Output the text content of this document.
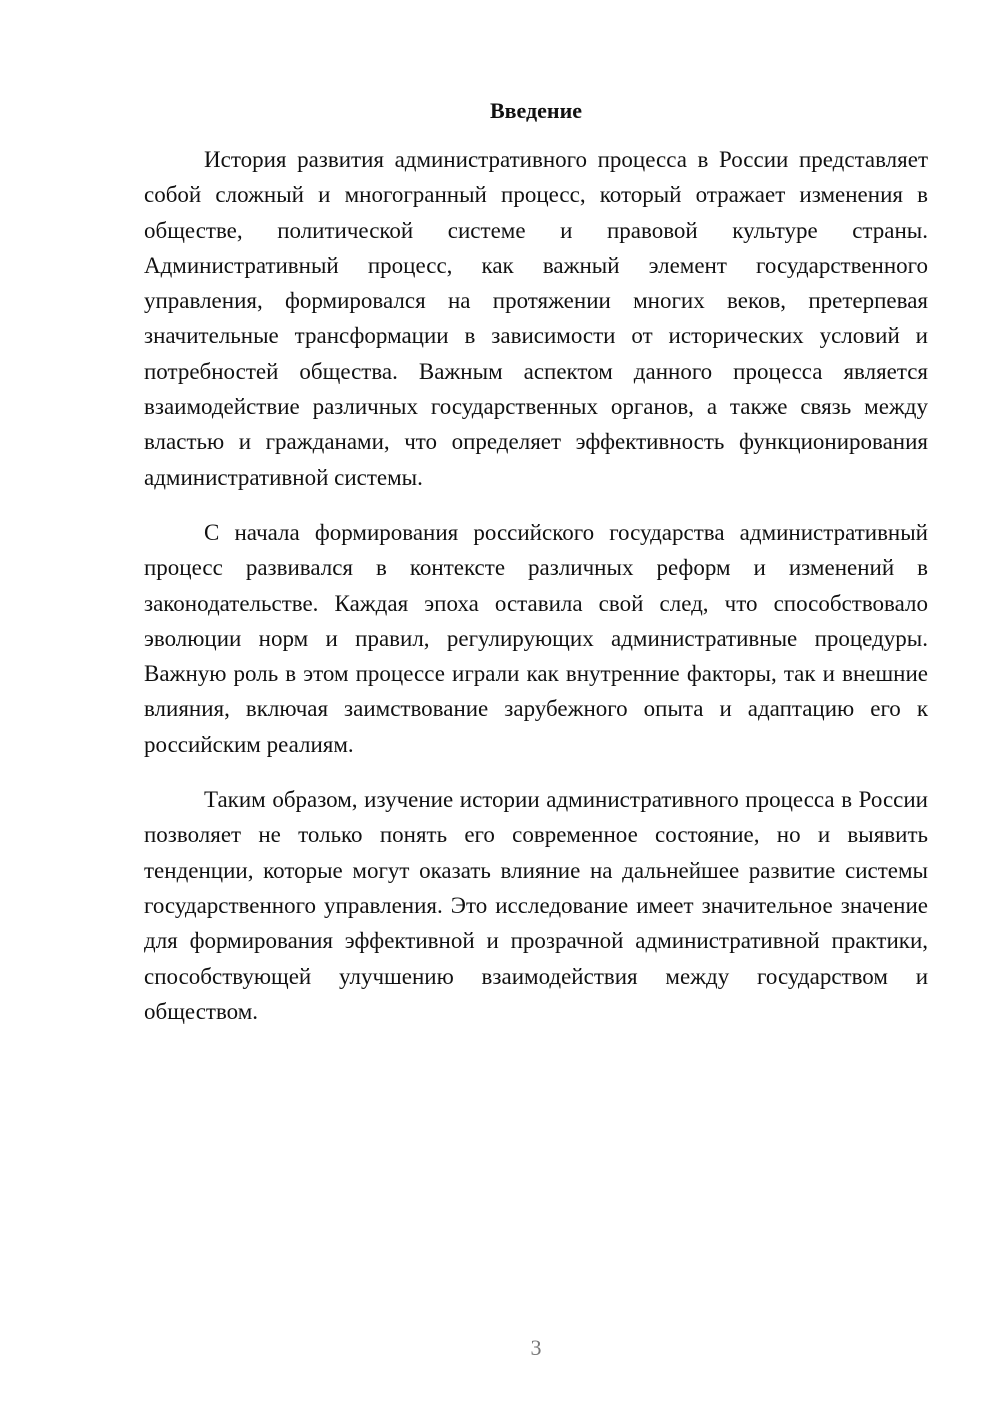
Введение

История развития административного процесса в России представляет собой сложный и многогранный процесс, который отражает изменения в обществе, политической системе и правовой культуре страны. Административный процесс, как важный элемент государственного управления, формировался на протяжении многих веков, претерпевая значительные трансформации в зависимости от исторических условий и потребностей общества. Важным аспектом данного процесса является взаимодействие различных государственных органов, а также связь между властью и гражданами, что определяет эффективность функционирования административной системы.

С начала формирования российского государства административный процесс развивался в контексте различных реформ и изменений в законодательстве. Каждая эпоха оставила свой след, что способствовало эволюции норм и правил, регулирующих административные процедуры. Важную роль в этом процессе играли как внутренние факторы, так и внешние влияния, включая заимствование зарубежного опыта и адаптацию его к российским реалиям.

Таким образом, изучение истории административного процесса в России позволяет не только понять его современное состояние, но и выявить тенденции, которые могут оказать влияние на дальнейшее развитие системы государственного управления. Это исследование имеет значительное значение для формирования эффективной и прозрачной административной практики, способствующей улучшению взаимодействия между государством и обществом.

3
